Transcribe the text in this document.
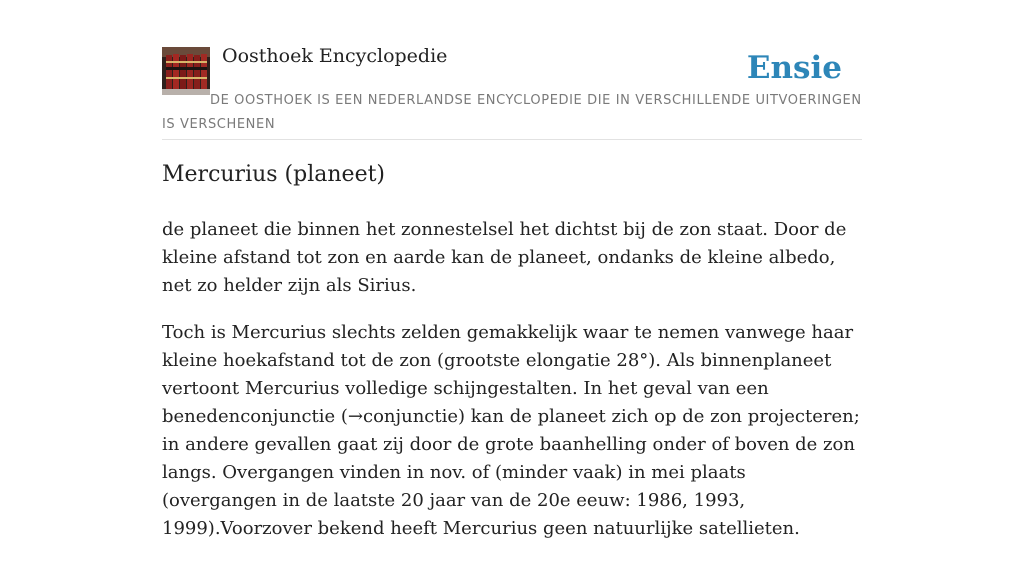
Oosthoek Encyclopedie	Ensie
DE OOSTHOEK IS EEN NEDERLANDSE ENCYCLOPEDIE DIE IN VERSCHILLENDE UITVOERINGEN IS VERSCHENEN
Mercurius (planeet)

de planeet die binnen het zonnestelsel het dichtst bij de zon staat. Door de kleine afstand tot zon en aarde kan de planeet, ondanks de kleine albedo, net zo helder zijn als Sirius.

Toch is Mercurius slechts zelden gemakkelijk waar te nemen vanwege haar kleine hoekafstand tot de zon (grootste elongatie 28°). Als binnenplaneet vertoont Mercurius volledige schijngestalten. In het geval van een benedenconjunctie (→conjunctie) kan de planeet zich op de zon projecteren; in andere gevallen gaat zij door de grote baanhelling onder of boven de zon langs. Overgangen vinden in nov. of (minder vaak) in mei plaats (overgangen in de laatste 20 jaar van de 20e eeuw: 1986, 1993, 1999).Voorzover bekend heeft Mercurius geen natuurlijke satellieten.
